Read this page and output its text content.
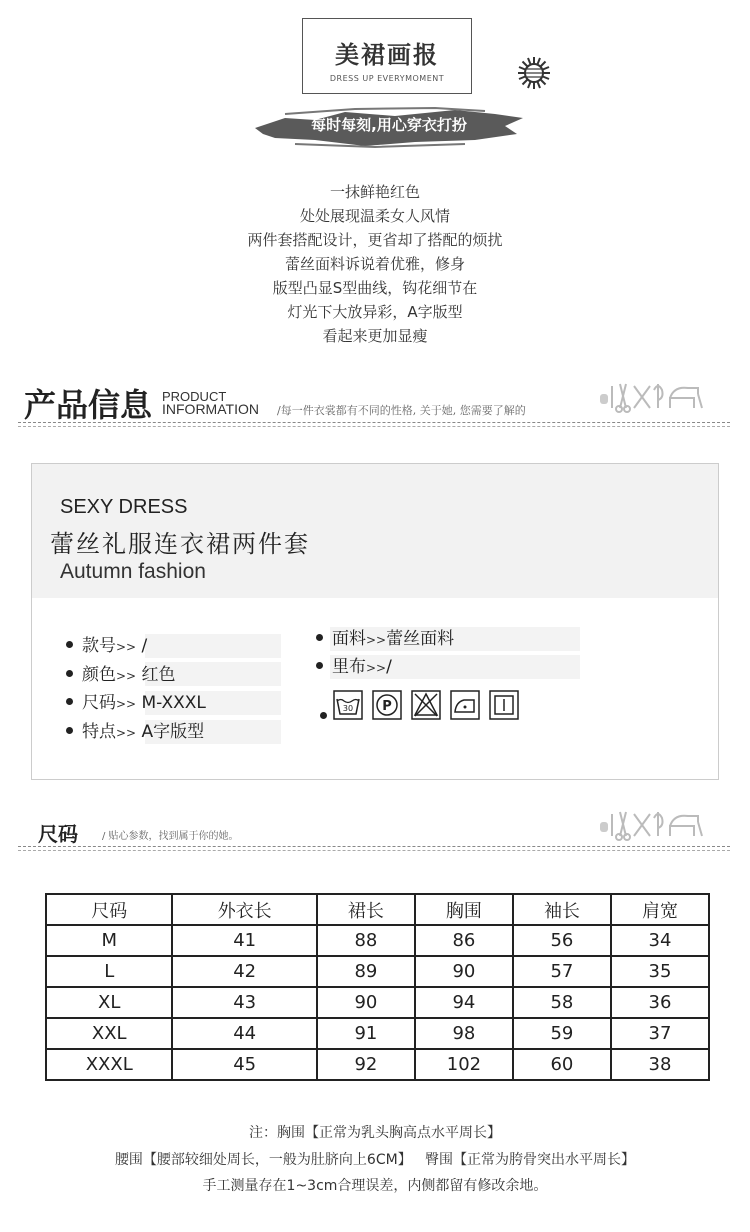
美裙画报
DRESS UP EVERYMOMENT
每时每刻,用心穿衣打扮
一抹鲜艳红色
处处展现温柔女人风情
两件套搭配设计，更省却了搭配的烦扰
蕾丝面料诉说着优雅，修身
版型凸显S型曲线，钩花细节在
灯光下大放异彩，A字版型
看起来更加显瘦
产品信息 PRODUCT
INFORMATION /每一件衣裳都有不同的性格, 关于她, 您需要了解的
SEXY DRESS
蕾丝礼服连衣裙两件套
Autumn fashion
款号>> /
颜色>> 红色
尺码>> M-XXXL
特点>> A字版型
面料>>蕾丝面料
里布>>/
30 P
尺码 / 贴心参数，找到属于你的她。
尺码	外衣长	裙长	胸围	袖长	肩宽
M	41	88	86	56	34
L	42	89	90	57	35
XL	43	90	94	58	36
XXL	44	91	98	59	37
XXXL	45	92	102	60	38
注：胸围【正常为乳头胸高点水平周长】
腰围【腰部较细处周长，一般为肚脐向上6CM】   臀围【正常为胯骨突出水平周长】
手工测量存在1~3cm合理误差，内侧都留有修改余地。
